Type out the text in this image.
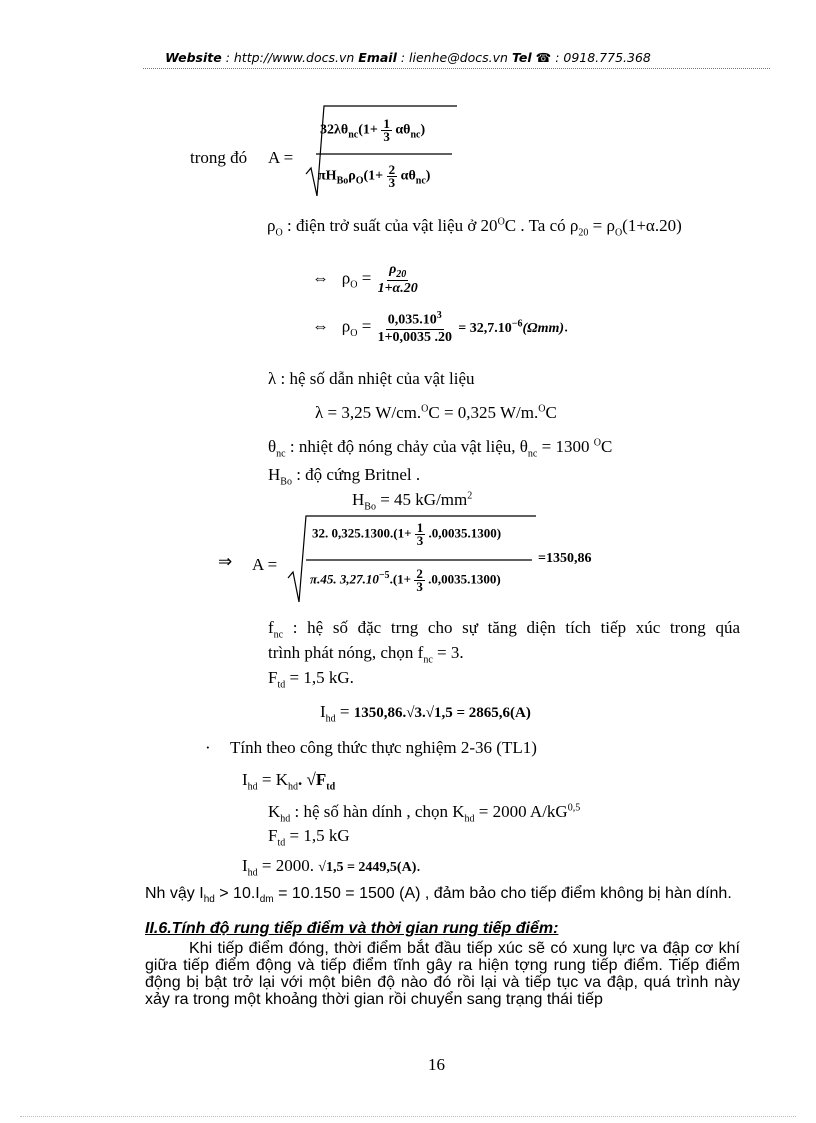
Website : http://www.docs.vn Email : lienhe@docs.vn Tel ☎ : 0918.775.368
trong đó A =
$32\lambda\theta_{nc}(1+ \frac{1}{3} \alpha\theta_{nc})$
$\pi H_{Bo}\rho_O(1+ \frac{2}{3} \alpha\theta_{nc})$
$\rho_O$ : điện trở suất của vật liệu ở $20^OC$ . Ta có $\rho_{20} = \rho_O(1+\alpha.20)$
⇔ $\rho_O = \frac{\rho_{20}}{1+\alpha.20}$
⇔ $\rho_O = \frac{0,035.10^3}{1+0,0035 .20} = 32,7.10^{-6}(\Omega mm)$.
λ : hệ số dẫn nhiệt của vật liệu
λ = 3,25 W/cm.$^O$C = 0,325 W/m.$^O$C
$\theta_{nc}$ : nhiệt độ nóng chảy của vật liệu, $\theta_{nc} = 1300$ $^O$C
$H_{Bo}$ : độ cứng Britnel .
$H_{Bo} = 45$ $kG/mm^2$
⇒ A =
32. $0,325.1300.(1+ \frac{1}{3} .0,0035.1300)$
π.45. $3,27.10^{-5}.(1+ \frac{2}{3} .0,0035.1300)$
=1350,86
$f_{nc}$ : hệ số đặc trng cho sự tăng diện tích tiếp xúc trong qúa
trình phát nóng, chọn $f_{nc} = 3$.
$F_{td} = 1,5$ kG.
$I_{hd} = 1350,86.√3.√1,5 = 2865,6(A)$
· Tính theo công thức thực nghiệm 2-36 (TL1)
$I_{hd} = K_{hd}$. $√F_{td}$
$K_{hd}$ : hệ số hàn dính , chọn $K_{hd} = 2000$ A/kG$^{0,5}$
$F_{td} = 1,5$ kG
$I_{hd} = 2000$. √1,5 = 2449,5(A).
Nh vậy $I_{hd} > 10.I_{dm} = 10.150 = 1500$ (A) , đảm bảo cho tiếp điểm không bị hàn dính.
II.6.Tính độ rung tiếp điểm và thời gian rung tiếp điểm:
Khi tiếp điểm đóng, thời điểm bắt đầu tiếp xúc sẽ có xung lực va đập cơ khí giữa tiếp điểm động và tiếp điểm tĩnh gây ra hiện tợng rung tiếp điểm. Tiếp điểm động bị bật trở lại với một biên độ nào đó rồi lại và tiếp tục va đập, quá trình này xảy ra trong một khoảng thời gian rồi chuyển sang trạng thái tiếp
16
